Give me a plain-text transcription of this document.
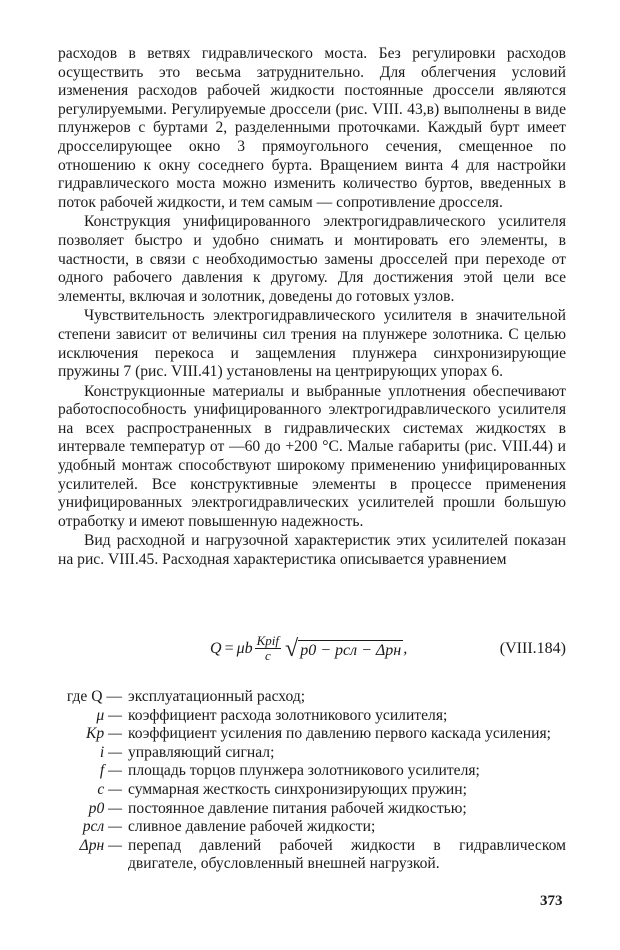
расходов в ветвях гидравлического моста. Без регулировки расходов осуществить это весьма затруднительно. Для облегчения условий изменения расходов рабочей жидкости постоянные дроссели являются регулируемыми. Регулируемые дроссели (рис. VIII. 43,в) выполнены в виде плунжеров с буртами 2, разделенными проточками. Каждый бурт имеет дросселирующее окно 3 прямоугольного сечения, смещенное по отношению к окну соседнего бурта. Вращением винта 4 для настройки гидравлического моста можно изменить количество буртов, введенных в поток рабочей жидкости, и тем самым — сопротивление дросселя.

Конструкция унифицированного электрогидравлического усилителя позволяет быстро и удобно снимать и монтировать его элементы, в частности, в связи с необходимостью замены дросселей при переходе от одного рабочего давления к другому. Для достижения этой цели все элементы, включая и золотник, доведены до готовых узлов.

Чувствительность электрогидравлического усилителя в значительной степени зависит от величины сил трения на плунжере золотника. С целью исключения перекоса и защемления плунжера синхронизирующие пружины 7 (рис. VIII.41) установлены на центрирующих упорах 6.

Конструкционные материалы и выбранные уплотнения обеспечивают работоспособность унифицированного электрогидравлического усилителя на всех распространенных в гидравлических системах жидкостях в интервале температур от —60 до +200 °С. Малые габариты (рис. VIII.44) и удобный монтаж способствуют широкому применению унифицированных усилителей. Все конструктивные элементы в процессе применения унифицированных электрогидравлических усилителей прошли большую отработку и имеют повышенную надежность.

Вид расходной и нагрузочной характеристик этих усилителей показан на рис. VIII.45. Расходная характеристика описывается уравнением

Q = μb $\frac{\text{Kpif}}{c}$ √ p0 − pсл − Δpн ,	(VIII.184)
где Q — эксплуатационный расход;
μ — коэффициент расхода золотникового усилителя;
Kp — коэффициент усиления по давлению первого каскада усиления;
i — управляющий сигнал;
f — площадь торцов плунжера золотникового усилителя;
c — суммарная жесткость синхронизирующих пружин;
p0 — постоянное давление питания рабочей жидкостью;
pсл — сливное давление рабочей жидкости;
Δpн — перепад давлений рабочей жидкости в гидравлическом двигателе, обусловленный внешней нагрузкой.
373
